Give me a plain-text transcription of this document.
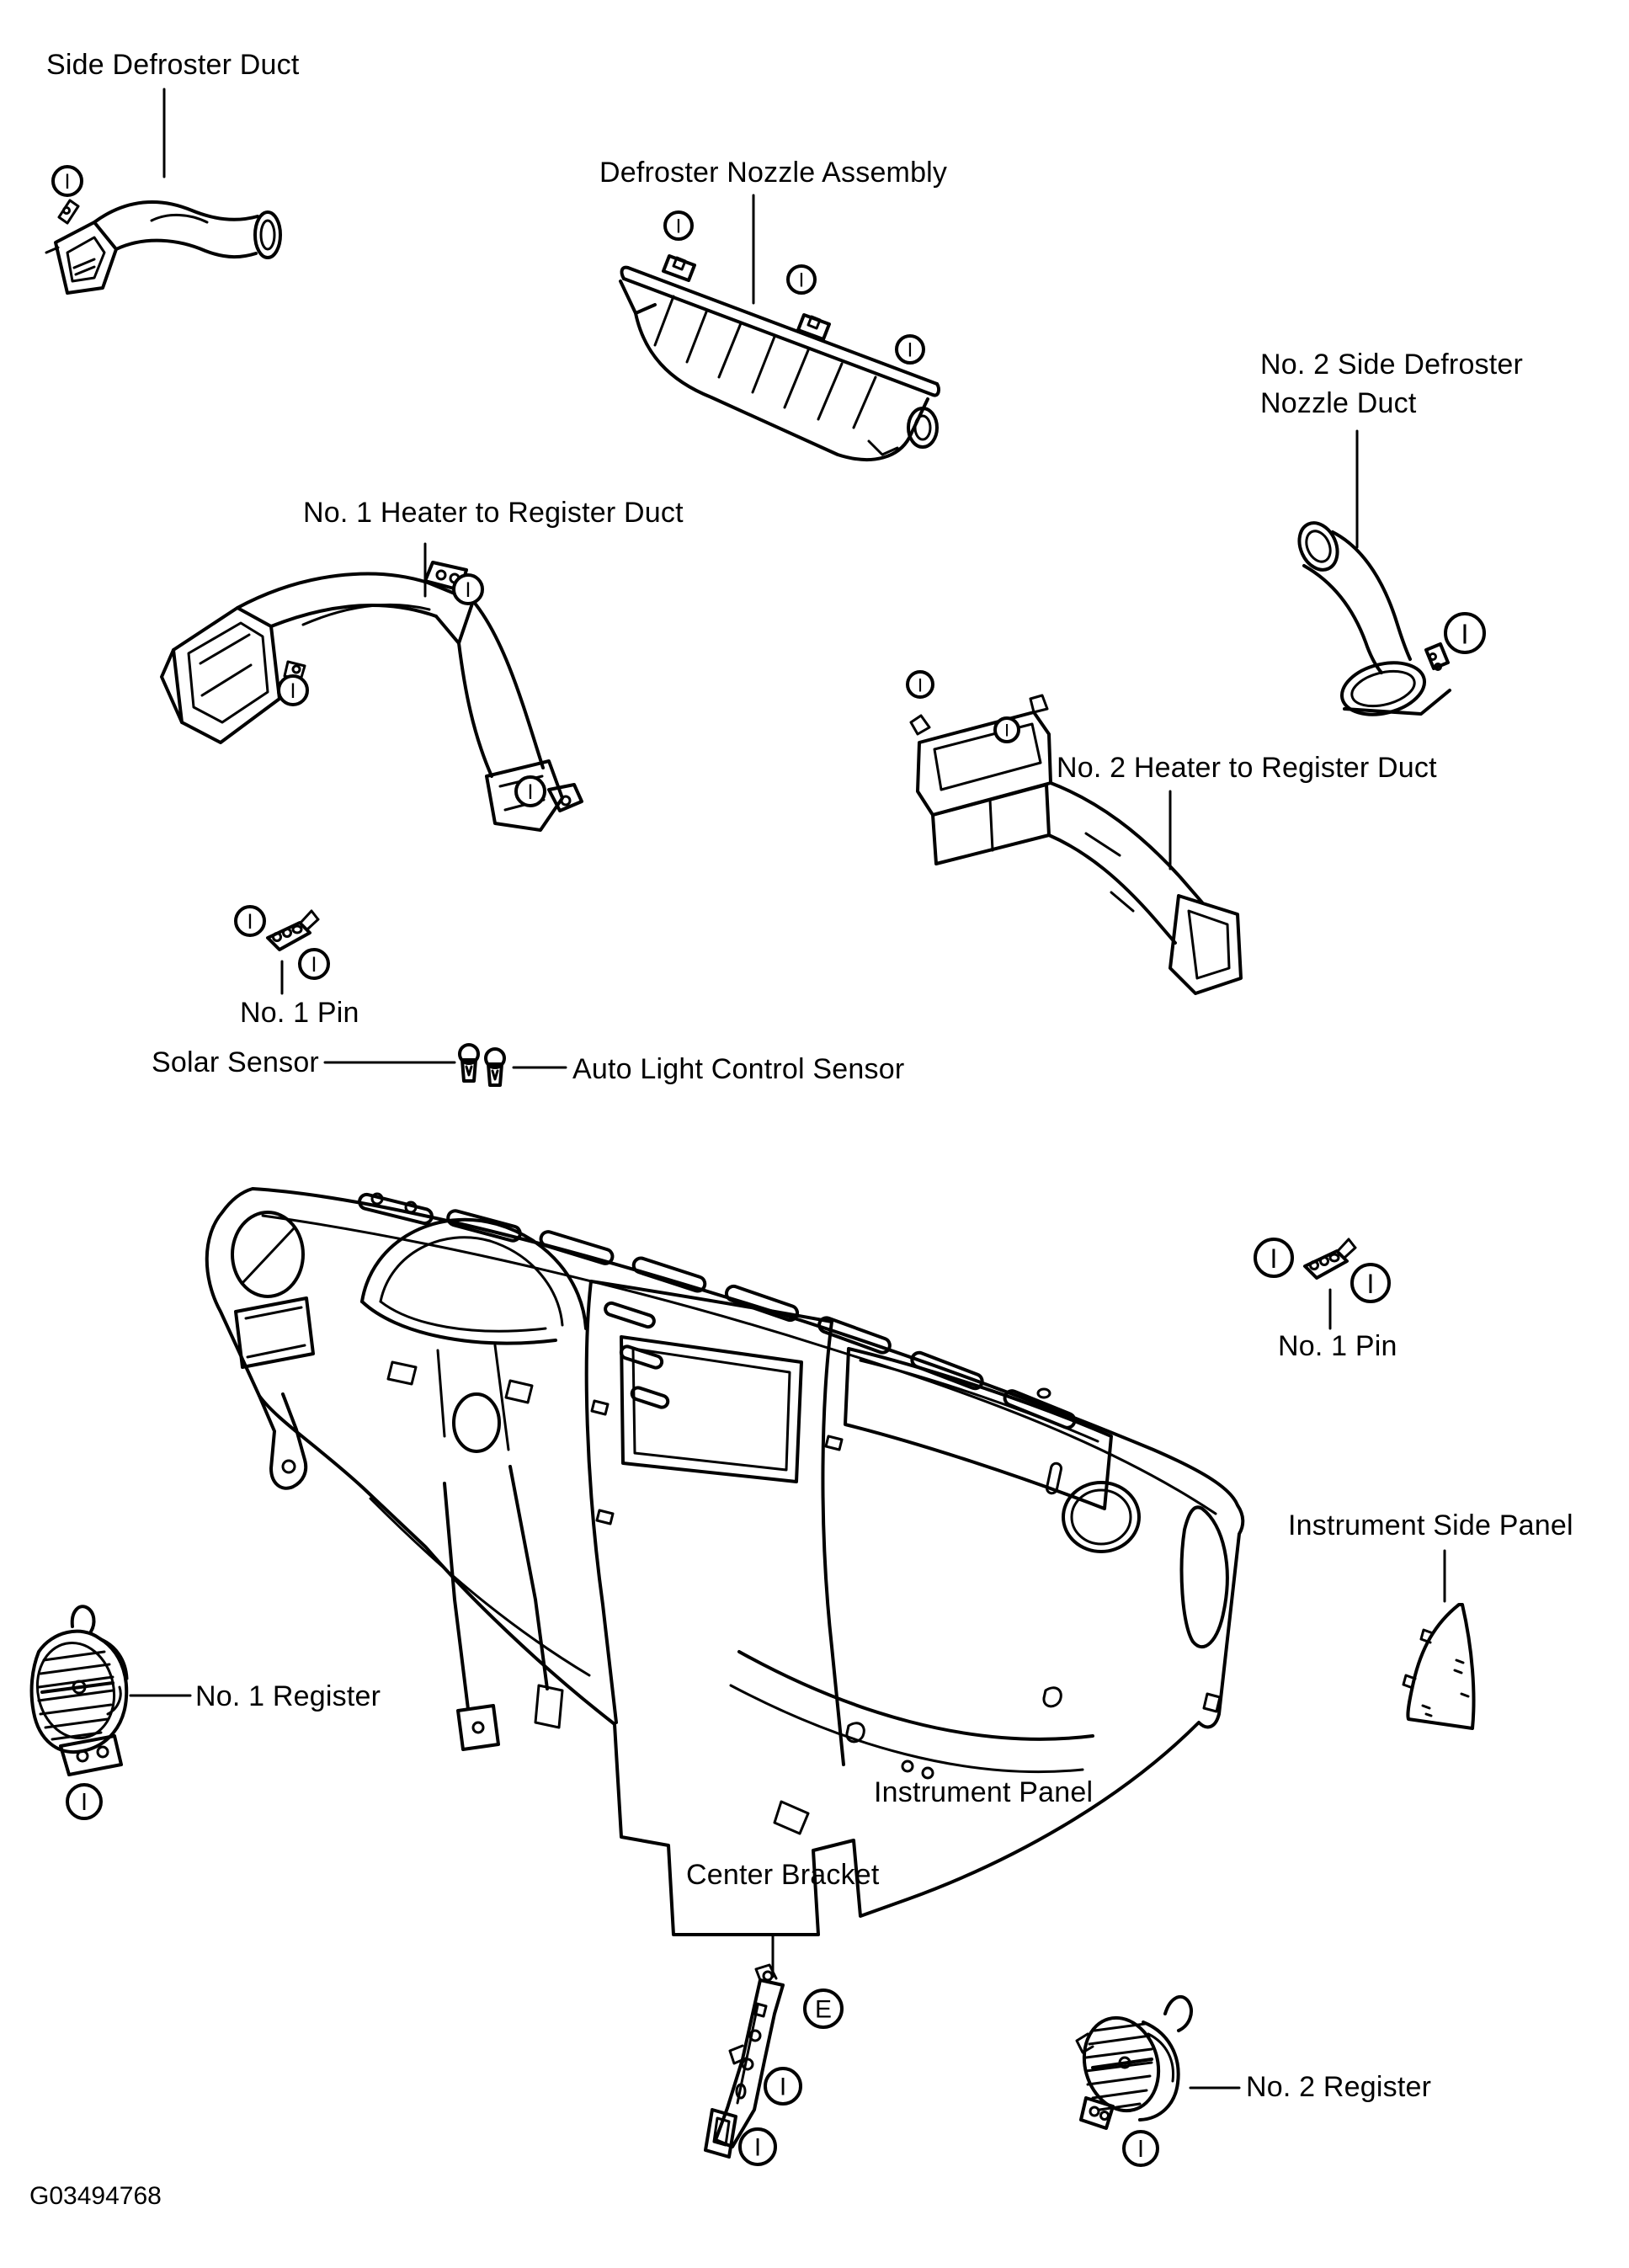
I
I
I
I
I
I
I
I
I
I
I
I
I
I
I
E
I
I	I
Side Defroster Duct
Defroster Nozzle Assembly
No. 2 Side Defroster
Nozzle Duct
No. 1 Heater to Register Duct
No. 2 Heater to Register Duct
No. 1 Pin
Solar Sensor	Auto Light Control Sensor
No. 1 Pin
Instrument Side Panel
No. 1 Register
Instrument Panel
Center Bracket
No. 2 Register
G03494768
